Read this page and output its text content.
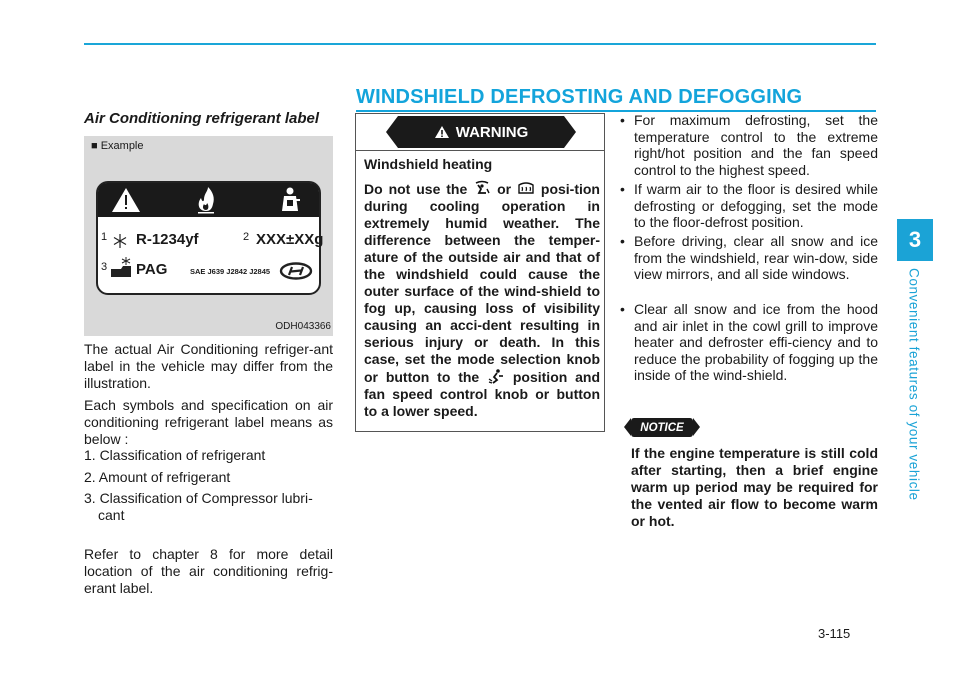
WINDSHIELD DEFROSTING AND DEFOGGING
3
Convenient features of your vehicle
Air Conditioning refrigerant label
■ Example
1 R-1234yf	2 XXX±XXg
3 PAG	SAE J639 J2842 J2845
ODH043366
The actual Air Conditioning refriger-ant label in the vehicle may differ from the illustration.
Each symbols and specification on air conditioning refrigerant label means as below :
1. Classification of refrigerant
2. Amount of refrigerant
3. Classification of Compressor lubri-cant
Refer to chapter 8 for more detail location of the air conditioning refrig-erant label.
WARNING
Windshield heating
Do not use the or posi-tion during cooling operation in extremely humid weather. The difference between the temper-ature of the outside air and that of the windshield could cause the outer surface of the wind-shield to fog up, causing loss of visibility causing an acci-dent resulting in serious injury or death. In this case, set the mode selection knob or button to the position and fan speed control knob or button to a lower speed.
• For maximum defrosting, set the temperature control to the extreme right/hot position and the fan speed control to the highest speed.
• If warm air to the floor is desired while defrosting or defogging, set the mode to the floor-defrost position.
• Before driving, clear all snow and ice from the windshield, rear win-dow, side view mirrors, and all side windows.
• Clear all snow and ice from the hood and air inlet in the cowl grill to improve heater and defroster effi-ciency and to reduce the probability of fogging up the inside of the wind-shield.
NOTICE
If the engine temperature is still cold after starting, then a brief engine warm up period may be required for the vented air flow to become warm or hot.
3-115
